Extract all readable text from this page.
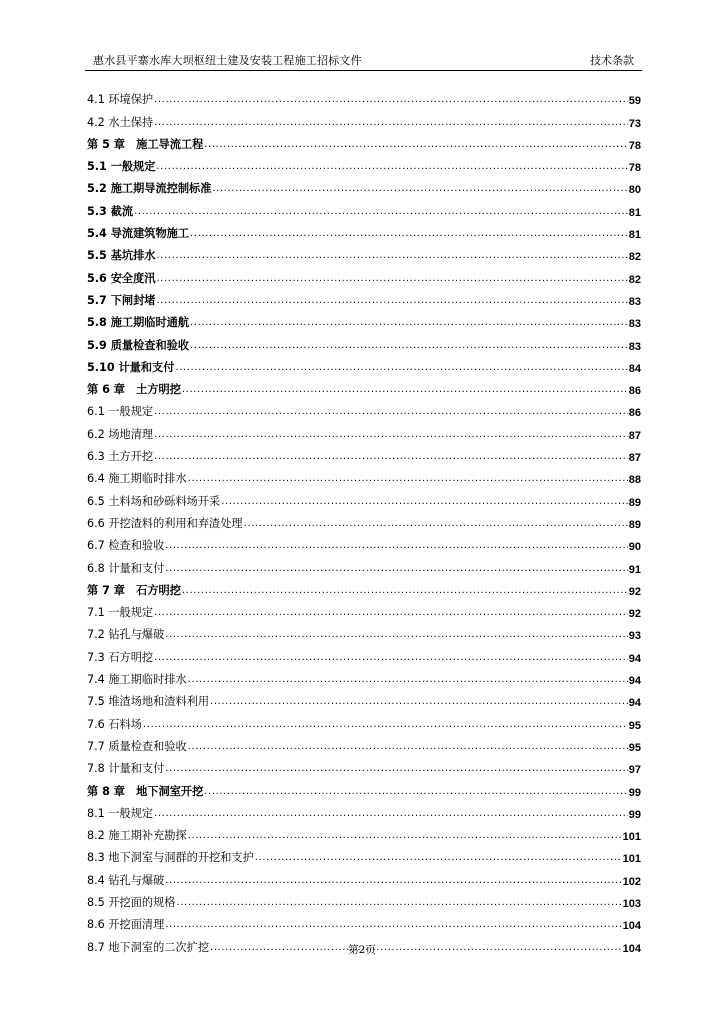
惠水县平寨水库大坝枢纽土建及安装工程施工招标文件	技术条款
4.1 环境保护 .....	59
4.2 水土保持 .....	73
第 5 章　施工导流工程 .....	78
5.1 一般规定 .....	78
5.2 施工期导流控制标准 .....	80
5.3 截流 .....	81
5.4 导流建筑物施工 .....	81
5.5 基坑排水 .....	82
5.6 安全度汛 .....	82
5.7 下闸封堵 .....	83
5.8 施工期临时通航 .....	83
5.9 质量检查和验收 .....	83
5.10 计量和支付 .....	84
第 6 章　土方明挖 .....	86
6.1 一般规定 .....	86
6.2 场地清理 .....	87
6.3 土方开挖 .....	87
6.4 施工期临时排水 .....	88
6.5 土料场和砂砾料场开采 .....	89
6.6 开挖渣料的利用和弃渣处理 .....	89
6.7 检查和验收 .....	90
6.8 计量和支付 .....	91
第 7 章　石方明挖 .....	92
7.1 一般规定 .....	92
7.2 钻孔与爆破 .....	93
7.3 石方明挖 .....	94
7.4 施工期临时排水 .....	94
7.5 堆渣场地和渣料利用 .....	94
7.6 石料场 .....	95
7.7 质量检查和验收 .....	95
7.8 计量和支付 .....	97
第 8 章　地下洞室开挖 .....	99
8.1 一般规定 .....	99
8.2 施工期补充勘探 .....	101
8.3 地下洞室与洞群的开挖和支护 .....	101
8.4 钻孔与爆破 .....	102
8.5 开挖面的规格 .....	103
8.6 开挖面清理 .....	104
8.7 地下洞室的二次扩挖 .....	104
第2页
